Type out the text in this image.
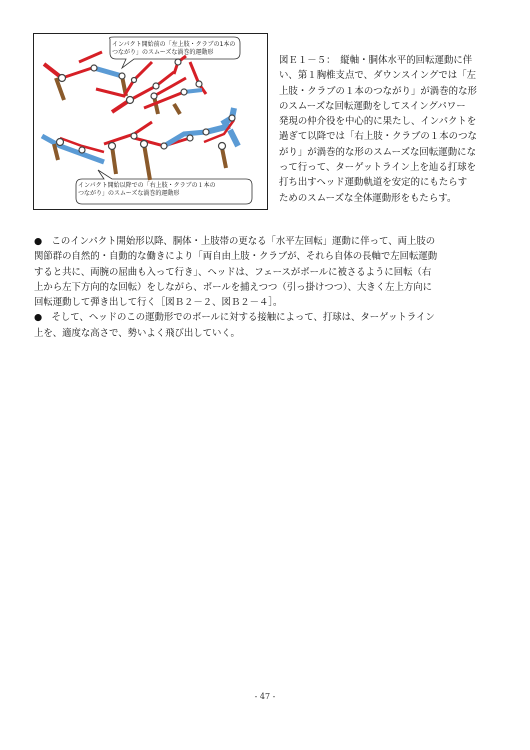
インパクト開始前の「左上肢・クラブの1本の
つながり」のスムーズな渦巻的運動形
インパクト開始以降での「右上肢・クラブの１本の
つながり」のスムーズな渦巻的運動形

図Ｅ１－５：　縦軸・胴体水平的回転運動に伴

い、第１胸椎支点で、ダウンスイングでは「左

上肢・クラブの１本のつながり」が渦巻的な形

のスムーズな回転運動をしてスイングパワー

発現の仲介役を中心的に果たし、インパクトを

過ぎて以降では「右上肢・クラブの１本のつな

がり」が渦巻的な形のスムーズな回転運動にな

って行って、ターゲットライン上を辿る打球を

打ち出すヘッド運動軌道を安定的にもたらす

ためのスムーズな全体運動形をもたらす。

●　このインパクト開始形以降、胴体・上肢帯の更なる「水平左回転」運動に伴って、両上肢の

関節群の自然的・自動的な働きにより「両自由上肢・クラブが、それら自体の長軸で左回転運動

すると共に、両腕の屈曲も入って行き」、ヘッドは、フェースがボールに被さるように回転（右

上から左下方向的な回転）をしながら、ボールを捕えつつ（引っ掛けつつ）、大きく左上方向に

回転運動して弾き出して行く［図Ｂ２－２、図Ｂ２－４］。

●　そして、ヘッドのこの運動形でのボールに対する接触によって、打球は、ターゲットライン

上を、適度な高さで、勢いよく飛び出していく。

- 47 -
